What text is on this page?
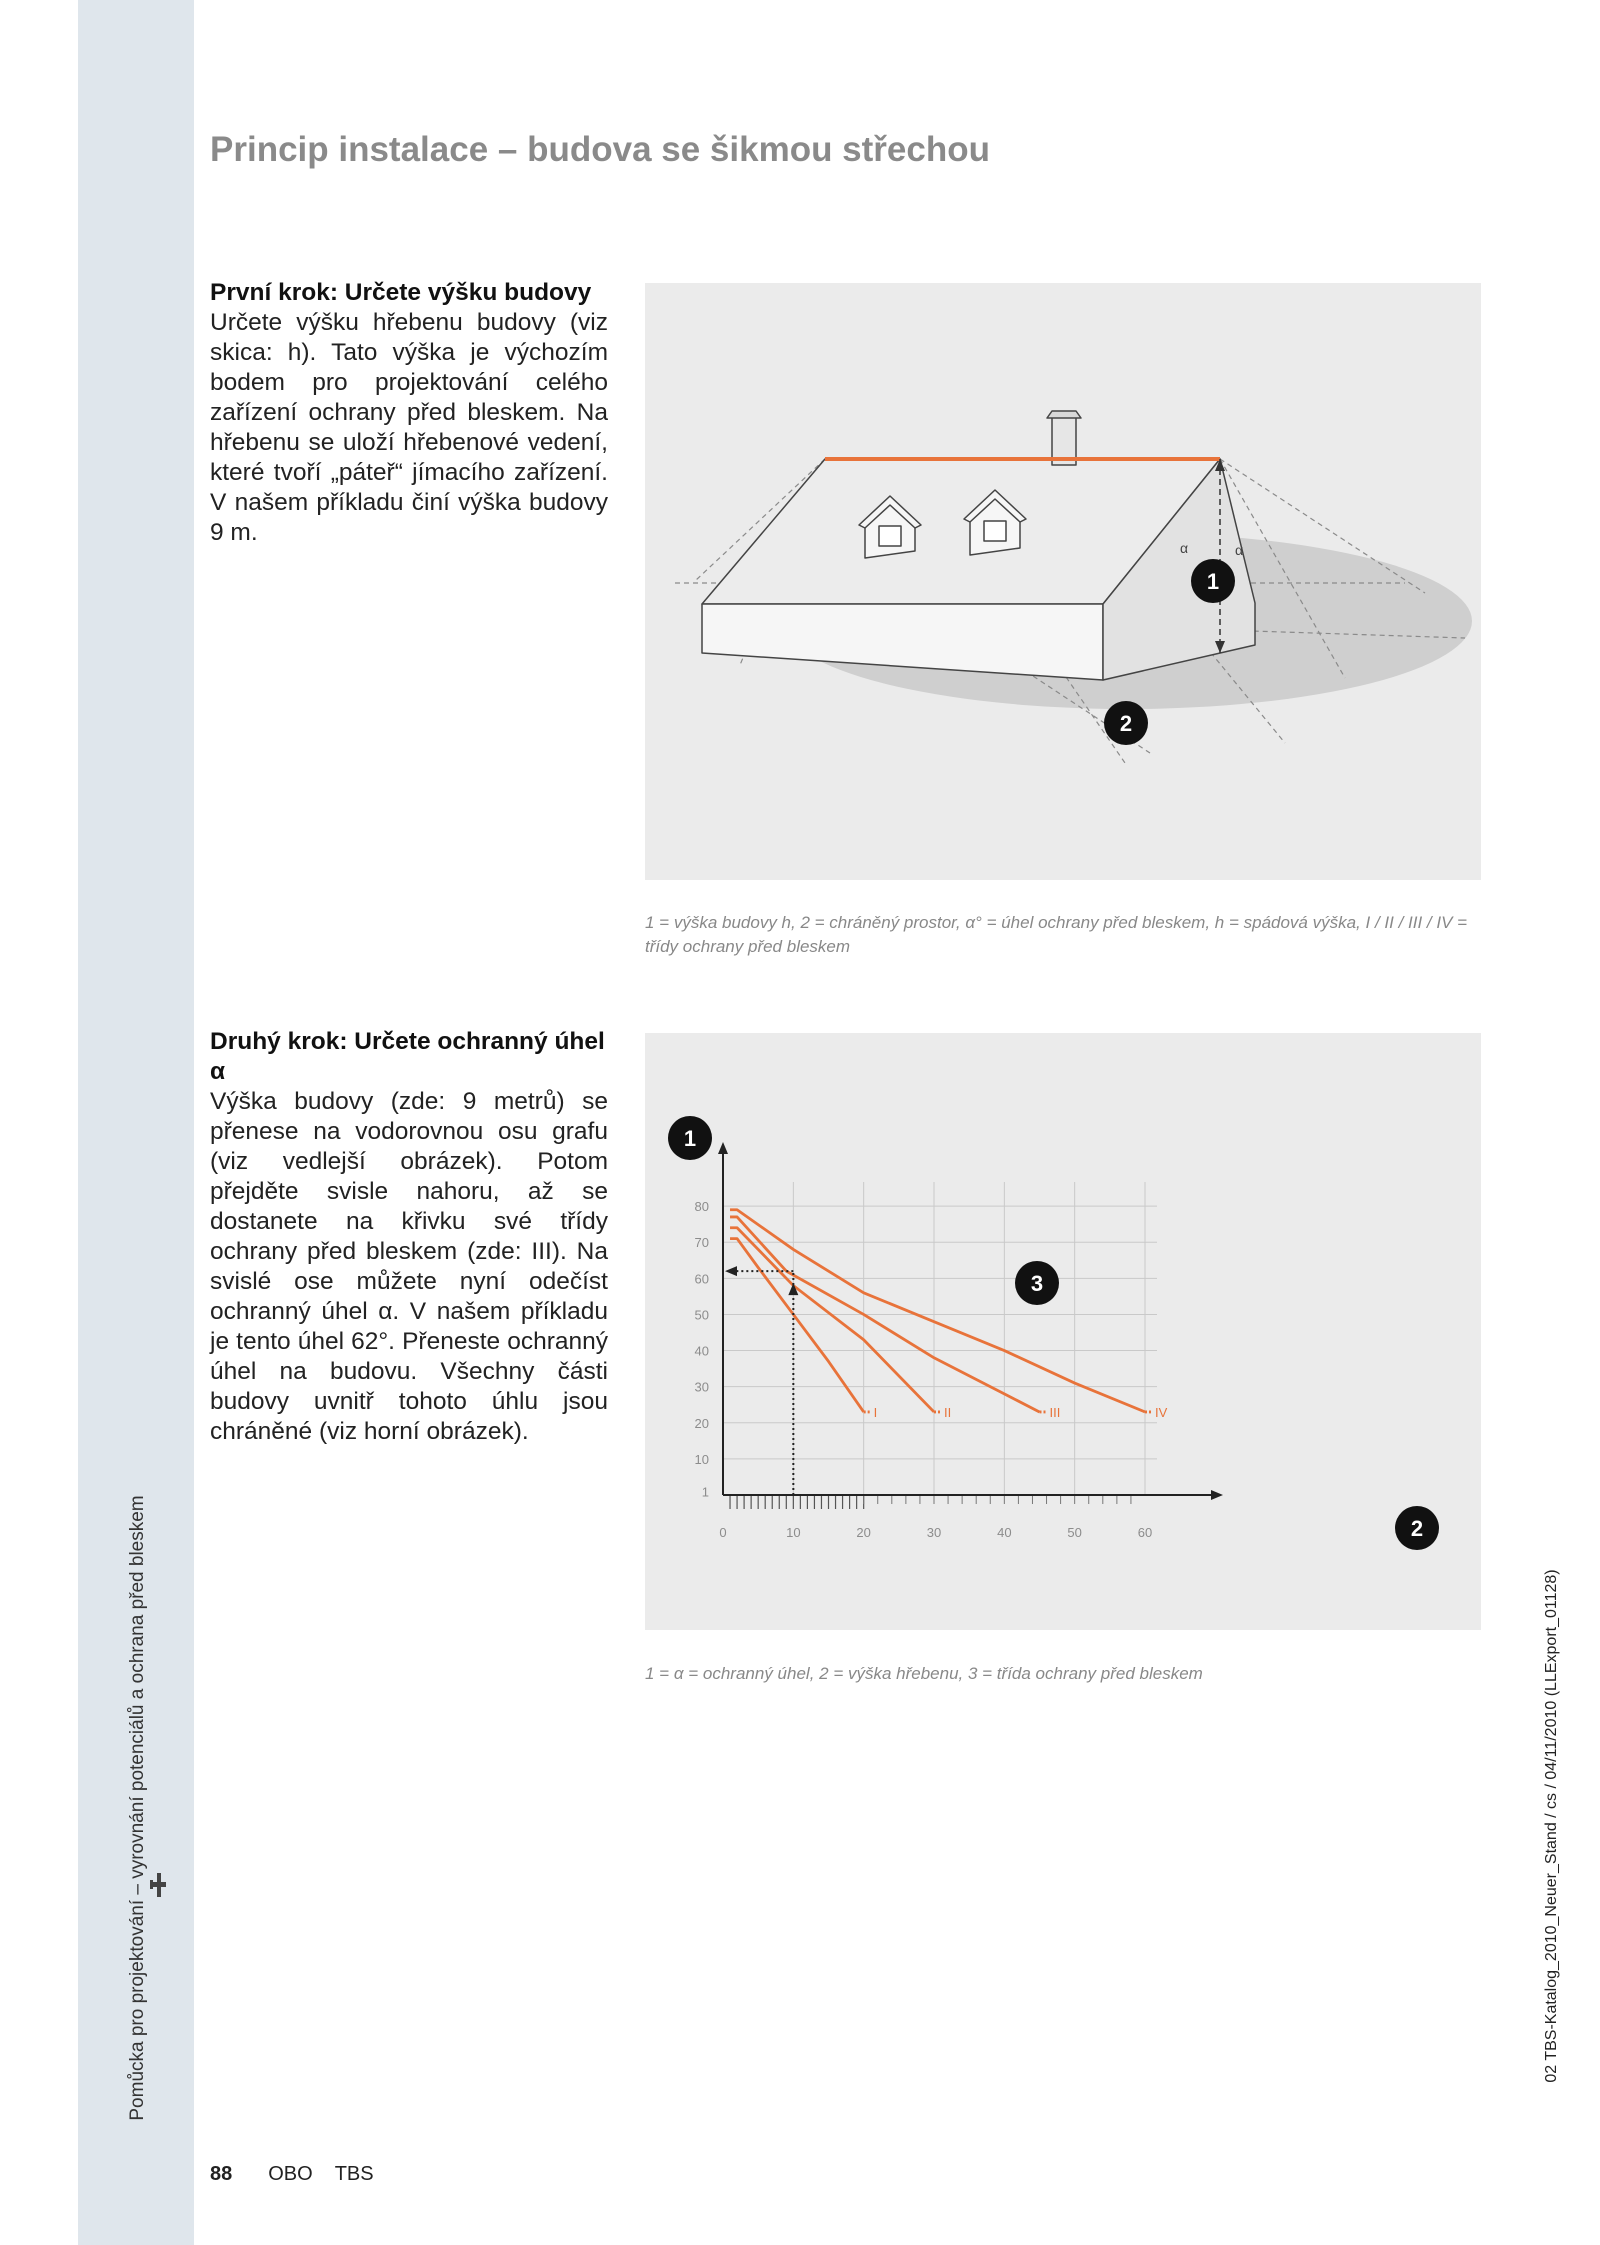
Pomůcka pro projektování – vyrovnání potenciálů a ochrana před bleskem	02 TBS-Katalog_2010_Neuer_Stand / cs / 04/11/2010 (LLExport_01128)
Princip instalace – budova se šikmou střechou
První krok: Určete výšku budovy
Určete výšku hřebenu budovy (viz skica: h). Tato výška je výchozím bodem pro projektování celého zařízení ochrany před bleskem. Na hřebenu se uloží hřebenové vedení, které tvoří „páteř“ jímacího zařízení. V našem příkladu činí výška budovy 9 m.
α	α
1
2
1 = výška budovy h, 2 = chráněný prostor, α° = úhel ochrany před bleskem, h = spádová výška, I / II / III / IV = třídy ochrany před bleskem
Druhý krok: Určete ochranný úhel α
Výška budovy (zde: 9 metrů) se přenese na vodorovnou osu grafu (viz vedlejší obrázek). Potom přejděte svisle nahoru, až se dostanete na křivku své třídy ochrany před bleskem (zde: III). Na svislé ose můžete nyní odečíst ochranný úhel α. V našem příkladu je tento úhel 62°. Přeneste ochranný úhel na budovu. Všechny části budovy uvnitř tohoto úhlu jsou chráněné (viz horní obrázek).
1
10
20
30
40
50
60
70
80
0	10	20	30	40	50	60
I	II	III	IV
1
2
3
1 = α = ochranný úhel, 2 = výška hřebenu, 3 = třída ochrany před bleskem
88 OBO TBS
